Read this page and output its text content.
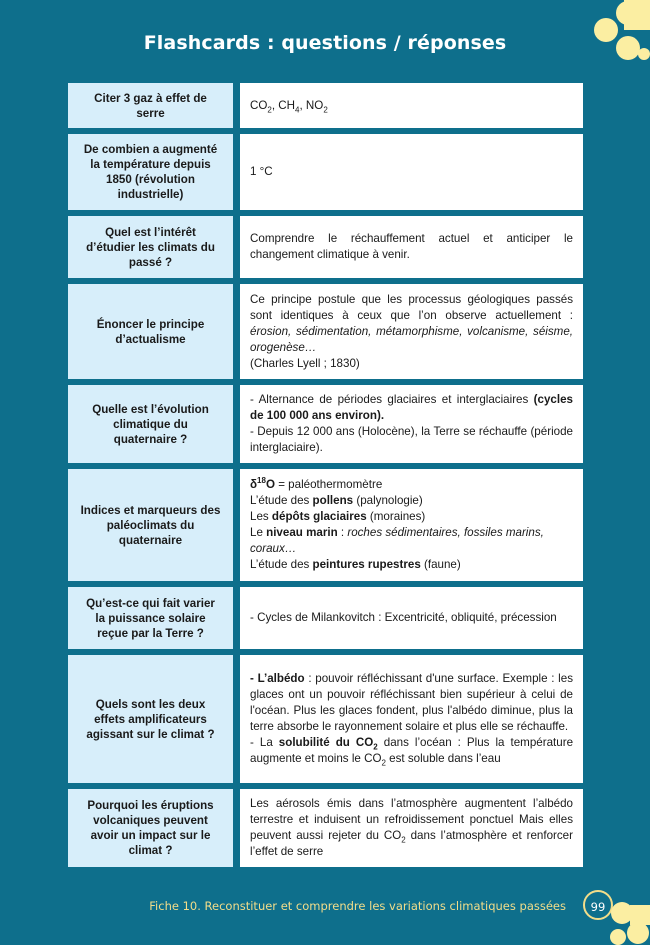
Flashcards : questions / réponses
Citer 3 gaz à effet de serre

$CO_2$, $CH_4$, $NO_2$

De combien a augmenté la température depuis 1850 (révolution industrielle)

1 °C

Quel est l’intérêt d’étudier les climats du passé ?

Comprendre le réchauffement actuel et anticiper le changement climatique à venir.

Énoncer le principe d’actualisme

Ce principe postule que les processus géologiques passés sont identiques à ceux que l’on observe actuellement : érosion, sédimentation, métamorphisme, volcanisme, séisme, orogenèse…

(Charles Lyell ; 1830)

Quelle est l’évolution climatique du quaternaire ?

- Alternance de périodes glaciaires et interglaciaires (cycles de 100 000 ans environ).

- Depuis 12 000 ans (Holocène), la Terre se réchauffe (période interglaciaire).

Indices et marqueurs des paléoclimats du quaternaire

$\delta^{18}O$ = paléothermomètre

L’étude des pollens (palynologie)

Les dépôts glaciaires (moraines)

Le niveau marin : roches sédimentaires, fossiles marins, coraux…

L’étude des peintures rupestres (faune)

Qu’est-ce qui fait varier la puissance solaire reçue par la Terre ?

- Cycles de Milankovitch : Excentricité, obliquité, précession

Quels sont les deux effets amplificateurs agissant sur le climat ?

- L’albédo : pouvoir réfléchissant d'une surface. Exemple : les glaces ont un pouvoir réfléchissant bien supérieur à celui de l'océan. Plus les glaces fondent, plus l'albédo diminue, plus la terre absorbe le rayonnement solaire et plus elle se réchauffe.

- La solubilité du $CO_2$ dans l’océan : Plus la température augmente et moins le $CO_2$ est soluble dans l’eau

Pourquoi les éruptions volcaniques peuvent avoir un impact sur le climat ?

Les aérosols émis dans l’atmosphère augmentent l’albédo terrestre et induisent un refroidissement ponctuel Mais elles peuvent aussi rejeter du $CO_2$ dans l’atmosphère et renforcer l’effet de serre

Fiche 10. Reconstituer et comprendre les variations climatiques passées	99
